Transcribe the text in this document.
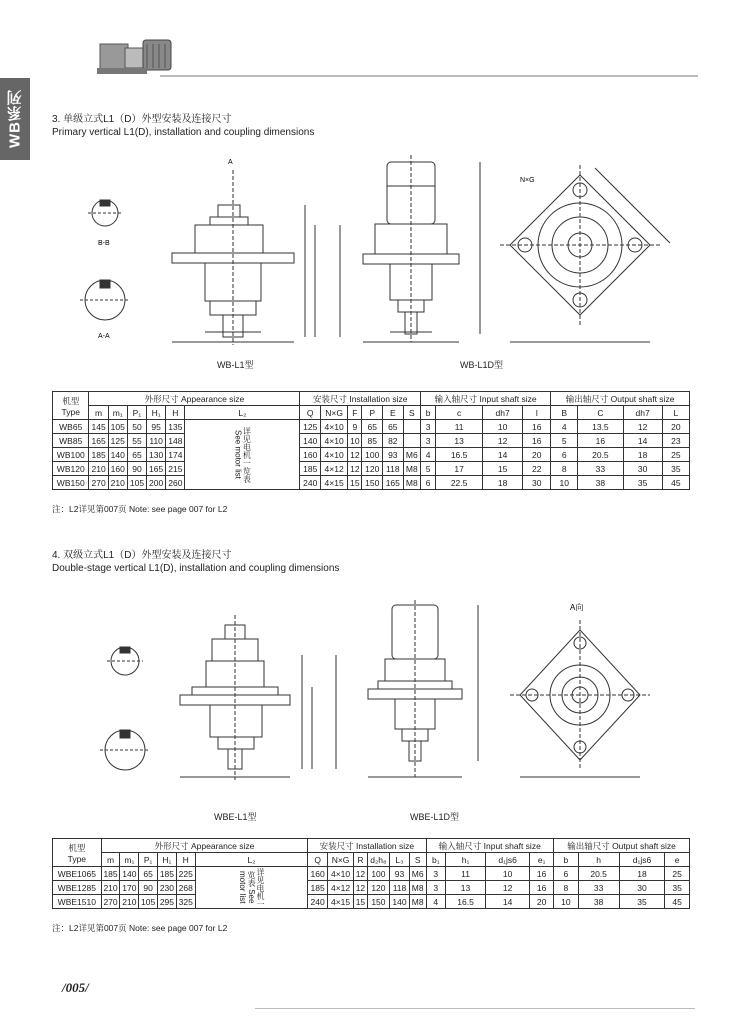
WB系列	3. 单级立式L1（D）外型安装及连接尺寸
Primary vertical L1(D), installation and coupling dimensions
B-B
A-A
A
N×G
WB-L1型	WB-L1D型
机型
Type	外形尺寸 Appearance size						安装尺寸 Installation size						输入轴尺寸 Input shaft size				输出轴尺寸 Output shaft size			
	m	m₁	P₁	H₁	H	L₂	Q	N×G	F	P	E	S	b	c	dh7	l	B	C	dh7	L
WB65	145	105	50	95	135	详见电机一览表 See motor list	125	4×10	9	65	65		3	11	10	16	4	13.5	12	20
WB85	165	125	55	110	148		140	4×10	10	85	82		3	13	12	16	5	16	14	23
WB100	185	140	65	130	174		160	4×10	12	100	93	M6	4	16.5	14	20	6	20.5	18	25
WB120	210	160	90	165	215		185	4×12	12	120	118	M8	5	17	15	22	8	33	30	35
WB150	270	210	105	200	260		240	4×15	15	150	165	M8	6	22.5	18	30	10	38	35	45
注：L2详见第007页 Note: see page 007 for L2
4. 双级立式L1（D）外型安装及连接尺寸
Double-stage vertical L1(D), installation and coupling dimensions
A向
WBE-L1型	WBE-L1D型
机型
Type	外形尺寸 Appearance size						安装尺寸 Installation size						输入轴尺寸 Input shaft size				输出轴尺寸 Output shaft size			
	m	m₁	P₁	H₁	H	L₂	Q	N×G	R	d₂h₈	L₃	S	b₁	h₁	d₁js6	e₁	b	h	d₁js6	e
WBE1065	185	140	65	185	225	详见电机一览表 See motor list	160	4×10	12	100	93	M6	3	11	10	16	6	20.5	18	25
WBE1285	210	170	90	230	268		185	4×12	12	120	118	M8	3	13	12	16	8	33	30	35
WBE1510	270	210	105	295	325		240	4×15	15	150	140	M8	4	16.5	14	20	10	38	35	45
注：L2详见第007页 Note: see page 007 for L2
/005/
